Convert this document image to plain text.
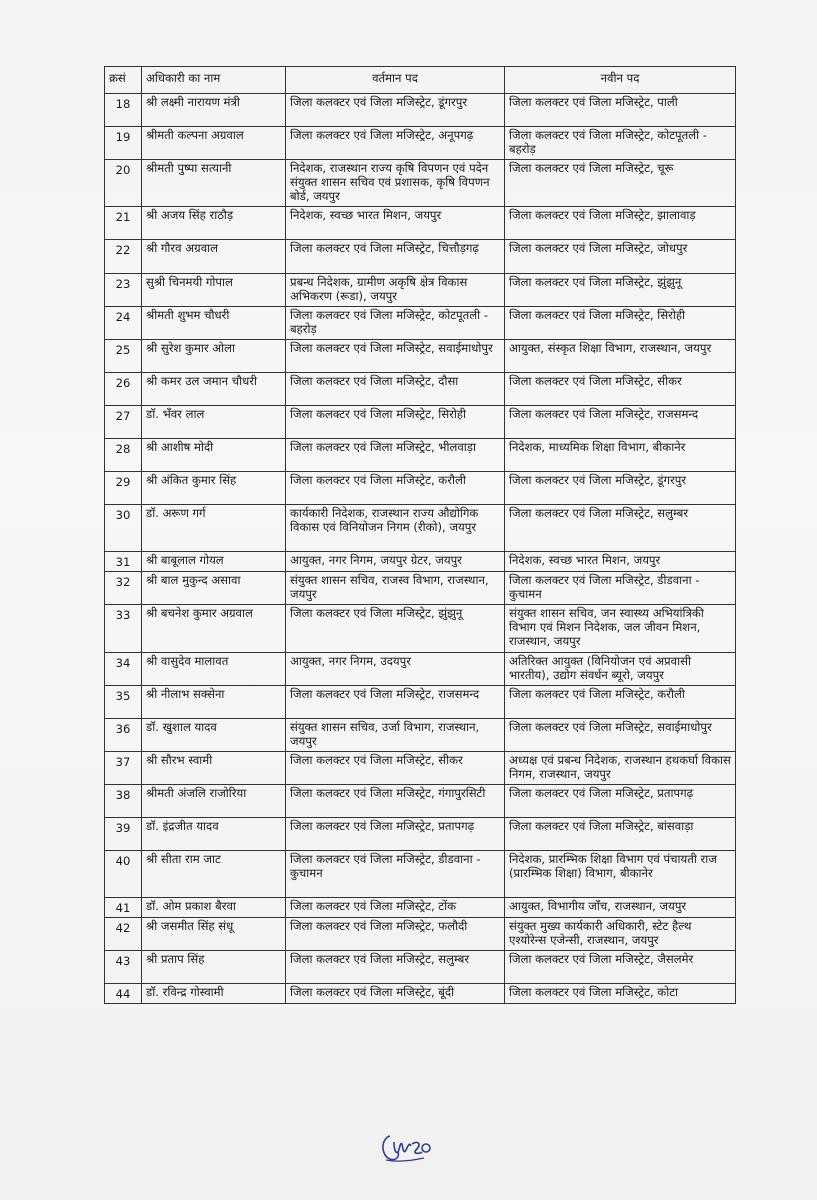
क्रसं	अधिकारी का नाम	वर्तमान पद	नवीन पद
18	श्री लक्ष्मी नारायण मंत्री	जिला कलक्टर एवं जिला मजिस्ट्रेट, डूंगरपुर	जिला कलक्टर एवं जिला मजिस्ट्रेट, पाली
19	श्रीमती कल्पना अग्रवाल	जिला कलक्टर एवं जिला मजिस्ट्रेट, अनूपगढ़	जिला कलक्टर एवं जिला मजिस्ट्रेट, कोटपूतली - बहरोड़
20	श्रीमती पुष्पा सत्यानी	निदेशक, राजस्थान राज्य कृषि विपणन एवं पदेन संयुक्त शासन सचिव एवं प्रशासक, कृषि विपणन बोर्ड, जयपुर	जिला कलक्टर एवं जिला मजिस्ट्रेट, चूरू
21	श्री अजय सिंह राठौड़	निदेशक, स्वच्छ भारत मिशन, जयपुर	जिला कलक्टर एवं जिला मजिस्ट्रेट, झालावाड़
22	श्री गौरव अग्रवाल	जिला कलक्टर एवं जिला मजिस्ट्रेट, चित्तौड़गढ़	जिला कलक्टर एवं जिला मजिस्ट्रेट, जोधपुर
23	सुश्री चिनमयी गोपाल	प्रबन्ध निदेशक, ग्रामीण अकृषि क्षेत्र विकास अभिकरण (रूडा), जयपुर	जिला कलक्टर एवं जिला मजिस्ट्रेट, झुंझुनू
24	श्रीमती शुभम चौधरी	जिला कलक्टर एवं जिला मजिस्ट्रेट, कोटपूतली - बहरोड़	जिला कलक्टर एवं जिला मजिस्ट्रेट, सिरोही
25	श्री सुरेश कुमार ओला	जिला कलक्टर एवं जिला मजिस्ट्रेट, सवाईमाधोपुर	आयुक्त, संस्कृत शिक्षा विभाग, राजस्थान, जयपुर
26	श्री कमर उल जमान चौधरी	जिला कलक्टर एवं जिला मजिस्ट्रेट, दौसा	जिला कलक्टर एवं जिला मजिस्ट्रेट, सीकर
27	डॉ. भँवर लाल	जिला कलक्टर एवं जिला मजिस्ट्रेट, सिरोही	जिला कलक्टर एवं जिला मजिस्ट्रेट, राजसमन्द
28	श्री आशीष मोदी	जिला कलक्टर एवं जिला मजिस्ट्रेट, भीलवाड़ा	निदेशक, माध्यमिक शिक्षा विभाग, बीकानेर
29	श्री अंकित कुमार सिंह	जिला कलक्टर एवं जिला मजिस्ट्रेट, करौली	जिला कलक्टर एवं जिला मजिस्ट्रेट, डूंगरपुर
30	डॉ. अरूण गर्ग	कार्यकारी निदेशक, राजस्थान राज्य औद्योगिक विकास एवं विनियोजन निगम (रीको), जयपुर	जिला कलक्टर एवं जिला मजिस्ट्रेट, सलुम्बर
31	श्री बाबूलाल गोयल	आयुक्त, नगर निगम, जयपुर ग्रेटर, जयपुर	निदेशक, स्वच्छ भारत मिशन, जयपुर
32	श्री बाल मुकुन्द असावा	संयुक्त शासन सचिव, राजस्व विभाग, राजस्थान, जयपुर	जिला कलक्टर एवं जिला मजिस्ट्रेट, डीडवाना - कुचामन
33	श्री बचनेश कुमार अग्रवाल	जिला कलक्टर एवं जिला मजिस्ट्रेट, झुंझुनू	संयुक्त शासन सचिव, जन स्वास्थ्य अभियांत्रिकी विभाग एवं मिशन निदेशक, जल जीवन मिशन, राजस्थान, जयपुर
34	श्री वासुदेव मालावत	आयुक्त, नगर निगम, उदयपुर	अतिरिक्त आयुक्त (विनियोजन एवं अप्रवासी भारतीय), उद्योग संवर्धन ब्यूरो, जयपुर
35	श्री नीलाभ सक्सेना	जिला कलक्टर एवं जिला मजिस्ट्रेट, राजसमन्द	जिला कलक्टर एवं जिला मजिस्ट्रेट, करौली
36	डॉ. खुशाल यादव	संयुक्त शासन सचिव, उर्जा विभाग, राजस्थान, जयपुर	जिला कलक्टर एवं जिला मजिस्ट्रेट, सवाईमाधोपुर
37	श्री सौरभ स्वामी	जिला कलक्टर एवं जिला मजिस्ट्रेट, सीकर	अध्यक्ष एवं प्रबन्ध निदेशक, राजस्थान हथकर्घा विकास निगम, राजस्थान, जयपुर
38	श्रीमती अंजलि राजोरिया	जिला कलक्टर एवं जिला मजिस्ट्रेट, गंगापुरसिटी	जिला कलक्टर एवं जिला मजिस्ट्रेट, प्रतापगढ़
39	डॉ. इंद्रजीत यादव	जिला कलक्टर एवं जिला मजिस्ट्रेट, प्रतापगढ़	जिला कलक्टर एवं जिला मजिस्ट्रेट, बांसवाड़ा
40	श्री सीता राम जाट	जिला कलक्टर एवं जिला मजिस्ट्रेट, डीडवाना - कुचामन	निदेशक, प्रारम्भिक शिक्षा विभाग एवं पंचायती राज (प्रारम्भिक शिक्षा) विभाग, बीकानेर
41	डॉ. ओम प्रकाश बैरवा	जिला कलक्टर एवं जिला मजिस्ट्रेट, टोंक	आयुक्त, विभागीय जाँच, राजस्थान, जयपुर
42	श्री जसमीत सिंह संधू	जिला कलक्टर एवं जिला मजिस्ट्रेट, फलौदी	संयुक्त मुख्य कार्यकारी अधिकारी, स्टेट हैल्थ एश्योरेन्स एजेन्सी, राजस्थान, जयपुर
43	श्री प्रताप सिंह	जिला कलक्टर एवं जिला मजिस्ट्रेट, सलुम्बर	जिला कलक्टर एवं जिला मजिस्ट्रेट, जैसलमेर
44	डॉ. रविन्द्र गोस्वामी	जिला कलक्टर एवं जिला मजिस्ट्रेट, बूंदी	जिला कलक्टर एवं जिला मजिस्ट्रेट, कोटा
